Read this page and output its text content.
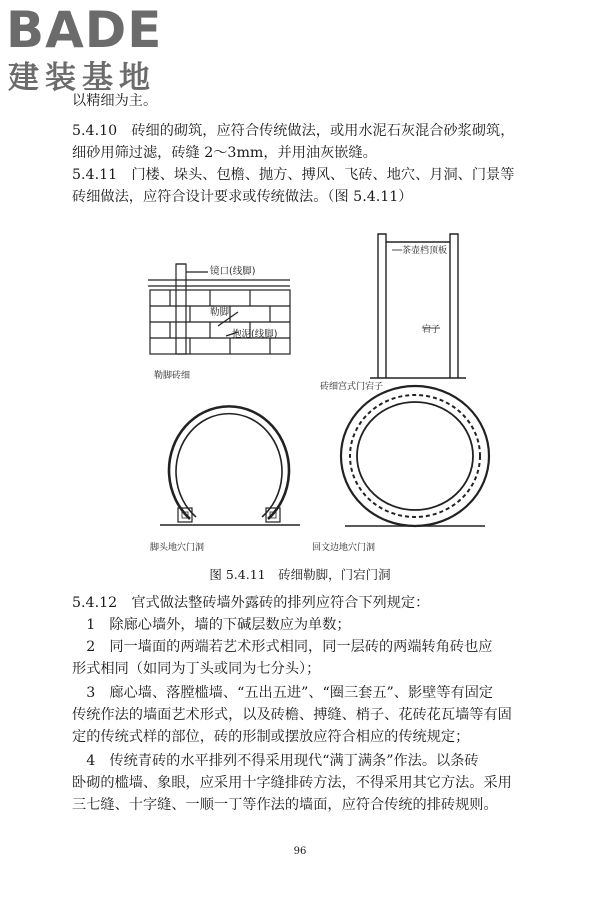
BADE
建装基地
以精细为主。
5.4.10　砖细的砌筑，应符合传统做法，或用水泥石灰混合砂浆砌筑，
细砂用筛过滤，砖缝 2～3mm，并用油灰嵌缝。
5.4.11　门楼、垛头、包檐、抛方、搏风、飞砖、地穴、月洞、门景等
砖细做法，应符合设计要求或传统做法。（图 5.4.11）
镜口(线脚)
勒脚
抱泥(线脚)
勒脚砖细
茶壶档顶板
宕子
砖细宫式门宕子
脚头地穴门洞	回文边地穴门洞
图 5.4.11　砖细勒脚，门宕门洞
5.4.12　官式做法整砖墙外露砖的排列应符合下列规定：
　1　除廊心墙外，墙的下碱层数应为单数；
　2　同一墙面的两端若艺术形式相同，同一层砖的两端转角砖也应
形式相同（如同为丁头或同为七分头）；
　3　廊心墙、落膛槛墙、“五出五进”、“圈三套五”、影壁等有固定
传统作法的墙面艺术形式，以及砖檐、搏缝、梢子、花砖花瓦墙等有固
定的传统式样的部位，砖的形制或摆放应符合相应的传统规定；
　4　传统青砖的水平排列不得采用现代“满丁满条”作法。以条砖
卧砌的槛墙、象眼，应采用十字缝排砖方法，不得采用其它方法。采用
三七缝、十字缝、一顺一丁等作法的墙面，应符合传统的排砖规则。
96
